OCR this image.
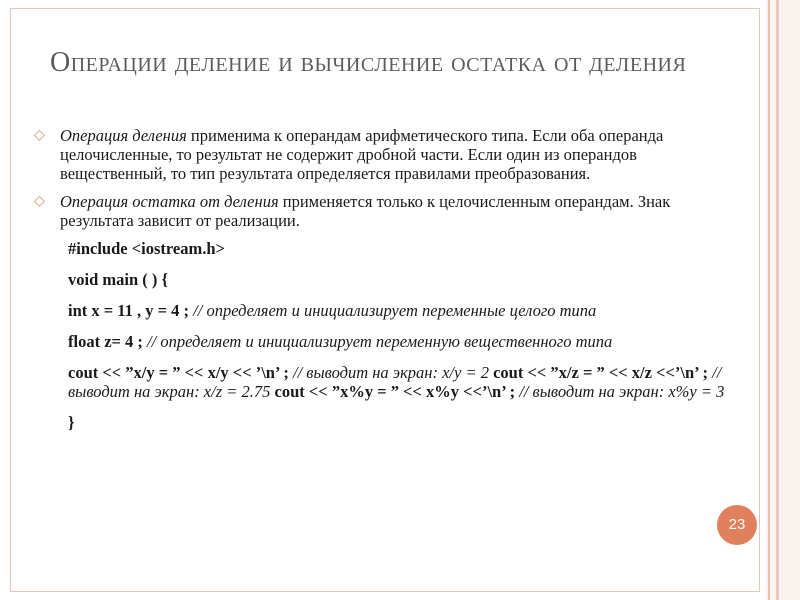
Операции деление и вычисление остатка от деления
◇ Операция деления применима к операндам арифметического типа. Если оба операнда целочисленные, то результат не содержит дробной части. Если один из операндов вещественный, то тип результата определяется правилами преобразования.
◇ Операция остатка от деления применяется только к целочисленным операндам. Знак результата зависит от реализации.
#include <iostream.h>
void main ( ) {
int x = 11 , y = 4 ; // определяет и инициализирует переменные целого типа
float z= 4 ; // определяет и инициализирует переменную вещественного типа
cout << ”x/y = ” << x/y << ’\n’ ; // выводит на экран: x/y = 2 cout << ”x/z = ” << x/z <<’\n’ ; // выводит на экран: x/z = 2.75 cout << ”x%y = ” << x%y <<’\n’ ; // выводит на экран: x%y = 3
}
23
